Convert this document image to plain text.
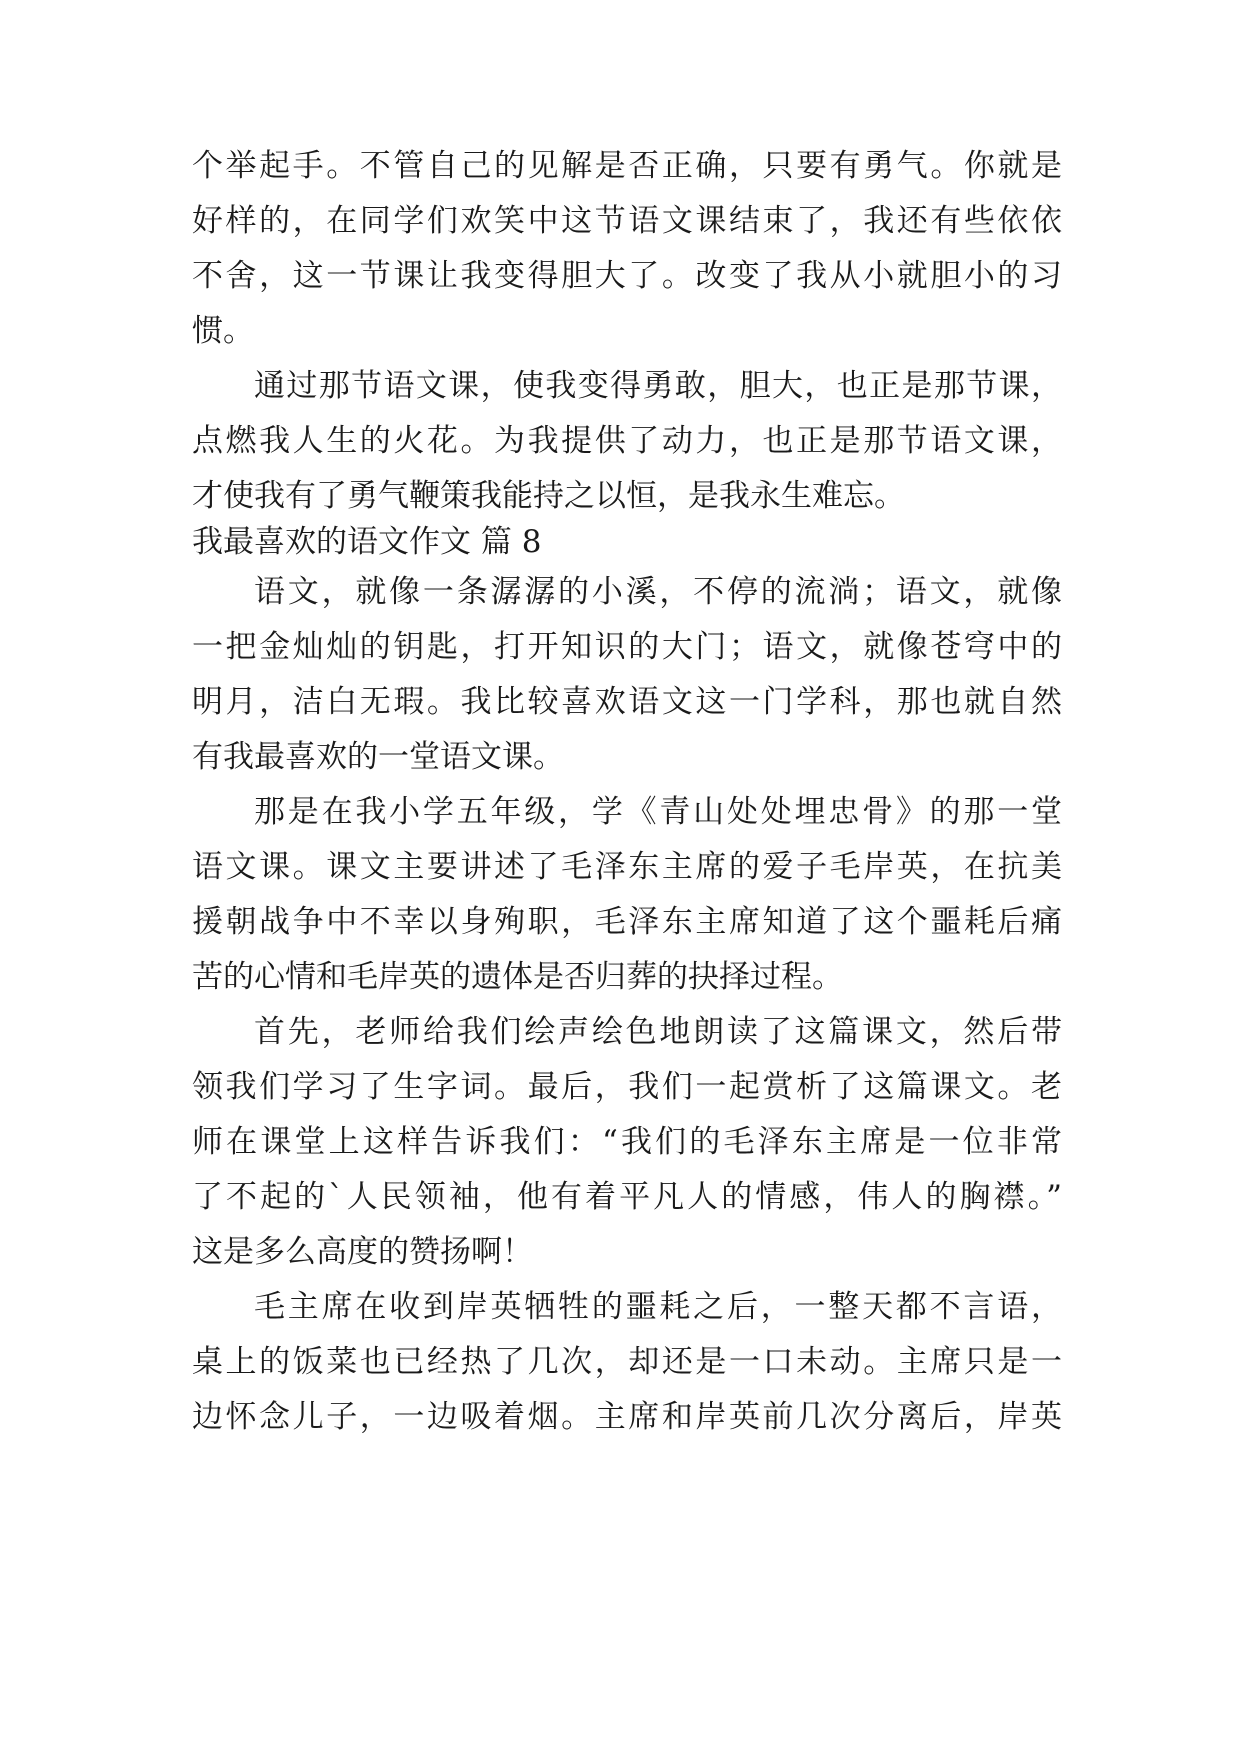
个举起手。不管自己的见解是否正确，只要有勇气。你就是
好样的，在同学们欢笑中这节语文课结束了，我还有些依依
不舍，这一节课让我变得胆大了。改变了我从小就胆小的习
惯。
通过那节语文课，使我变得勇敢，胆大，也正是那节课，
点燃我人生的火花。为我提供了动力，也正是那节语文课，
才使我有了勇气鞭策我能持之以恒，是我永生难忘。
我最喜欢的语文作文 篇 8
语文，就像一条潺潺的小溪，不停的流淌；语文，就像
一把金灿灿的钥匙，打开知识的大门；语文，就像苍穹中的
明月，洁白无瑕。我比较喜欢语文这一门学科，那也就自然
有我最喜欢的一堂语文课。
那是在我小学五年级，学《青山处处埋忠骨》的那一堂
语文课。课文主要讲述了毛泽东主席的爱子毛岸英，在抗美
援朝战争中不幸以身殉职，毛泽东主席知道了这个噩耗后痛
苦的心情和毛岸英的遗体是否归葬的抉择过程。
首先，老师给我们绘声绘色地朗读了这篇课文，然后带
领我们学习了生字词。最后，我们一起赏析了这篇课文。老
师在课堂上这样告诉我们：“我们的毛泽东主席是一位非常
了不起的`人民领袖，他有着平凡人的情感，伟人的胸襟。”
这是多么高度的赞扬啊！
毛主席在收到岸英牺牲的噩耗之后，一整天都不言语，
桌上的饭菜也已经热了几次，却还是一口未动。主席只是一
边怀念儿子，一边吸着烟。主席和岸英前几次分离后，岸英
